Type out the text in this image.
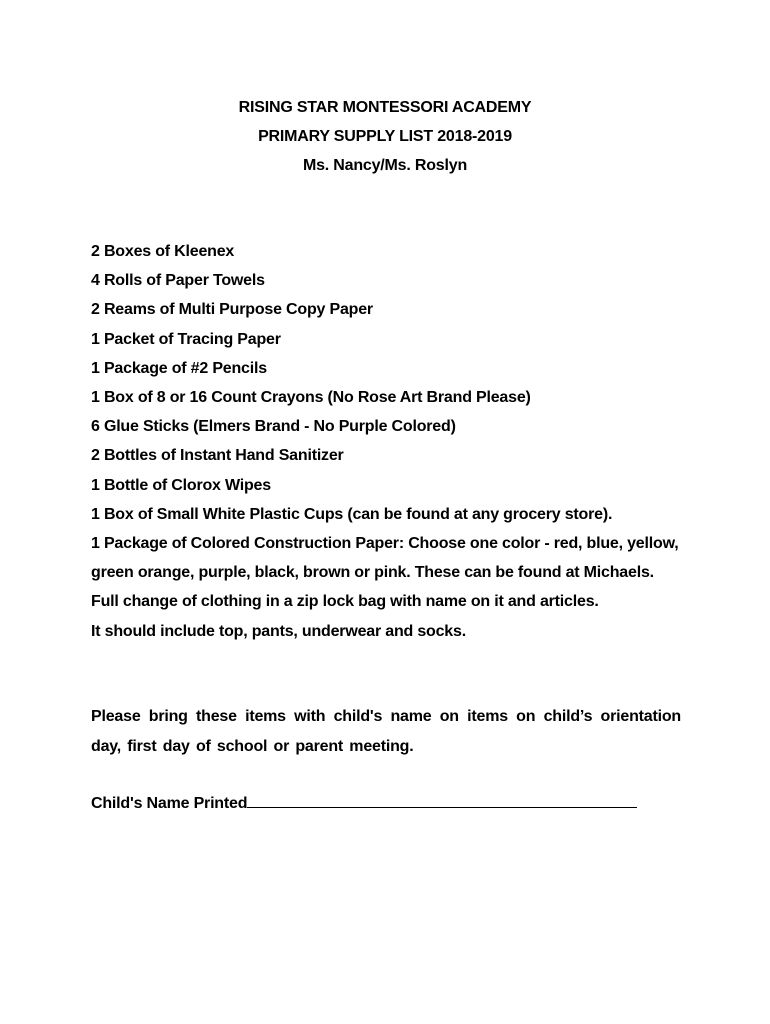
RISING STAR MONTESSORI ACADEMY
PRIMARY SUPPLY LIST 2018-2019
Ms. Nancy/Ms. Roslyn
2 Boxes of Kleenex
4 Rolls of Paper Towels
2 Reams of Multi Purpose Copy Paper
1 Packet of Tracing Paper
1 Package of #2 Pencils
1 Box of 8 or 16 Count Crayons (No Rose Art Brand Please)
6 Glue Sticks (Elmers Brand - No Purple Colored)
2 Bottles of Instant Hand Sanitizer
1 Bottle of Clorox Wipes
1 Box of Small White Plastic Cups (can be found at any grocery store).
1 Package of Colored Construction Paper: Choose one color - red, blue, yellow, green orange, purple, black, brown or pink. These can be found at Michaels.
Full change of clothing in a zip lock bag with name on it and articles.
It should include top, pants, underwear and socks.
Please bring these items with child's name on items on child’s orientation day, first day of school or parent meeting.
Child's Name Printed
